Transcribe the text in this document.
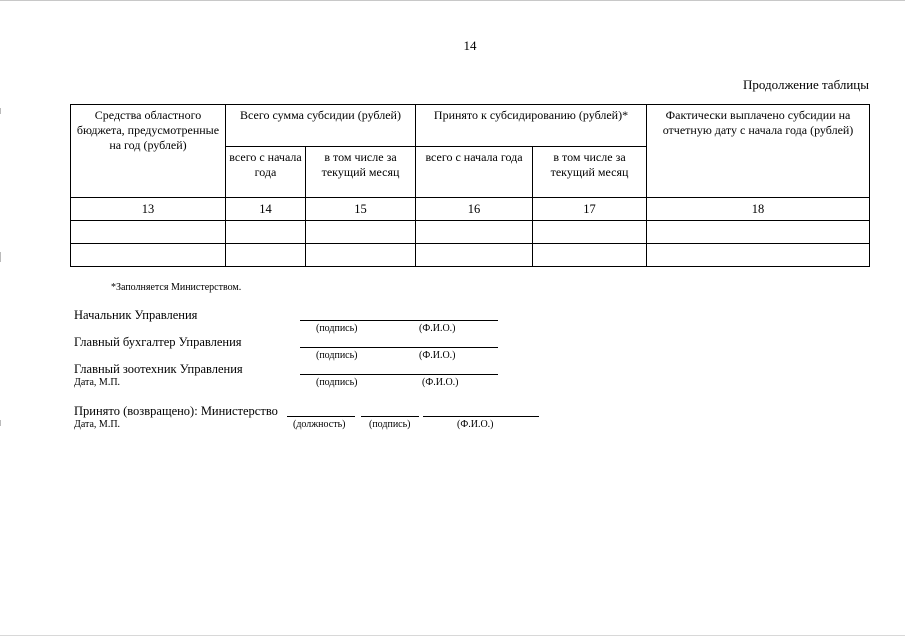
14
Продолжение таблицы
Средства областного бюджета, предусмотренные на год (рублей)	Всего сумма субсидии (рублей)		Принято к субсидированию (рублей)*		Фактически выплачено субсидии на отчетную дату с начала года (рублей)
	всего с начала года	в том числе за текущий месяц	всего с начала года	в том числе за текущий месяц	
13	14	15	16	17	18

*Заполняется Министерством.
Начальник Управления
(подпись)	(Ф.И.О.)
Главный бухгалтер Управления
(подпись)	(Ф.И.О.)
Главный зоотехник Управления
Дата, М.П.	(подпись)	(Ф.И.О.)
Принято (возвращено): Министерство
Дата, М.П.	(должность) (подпись)	(Ф.И.О.)
